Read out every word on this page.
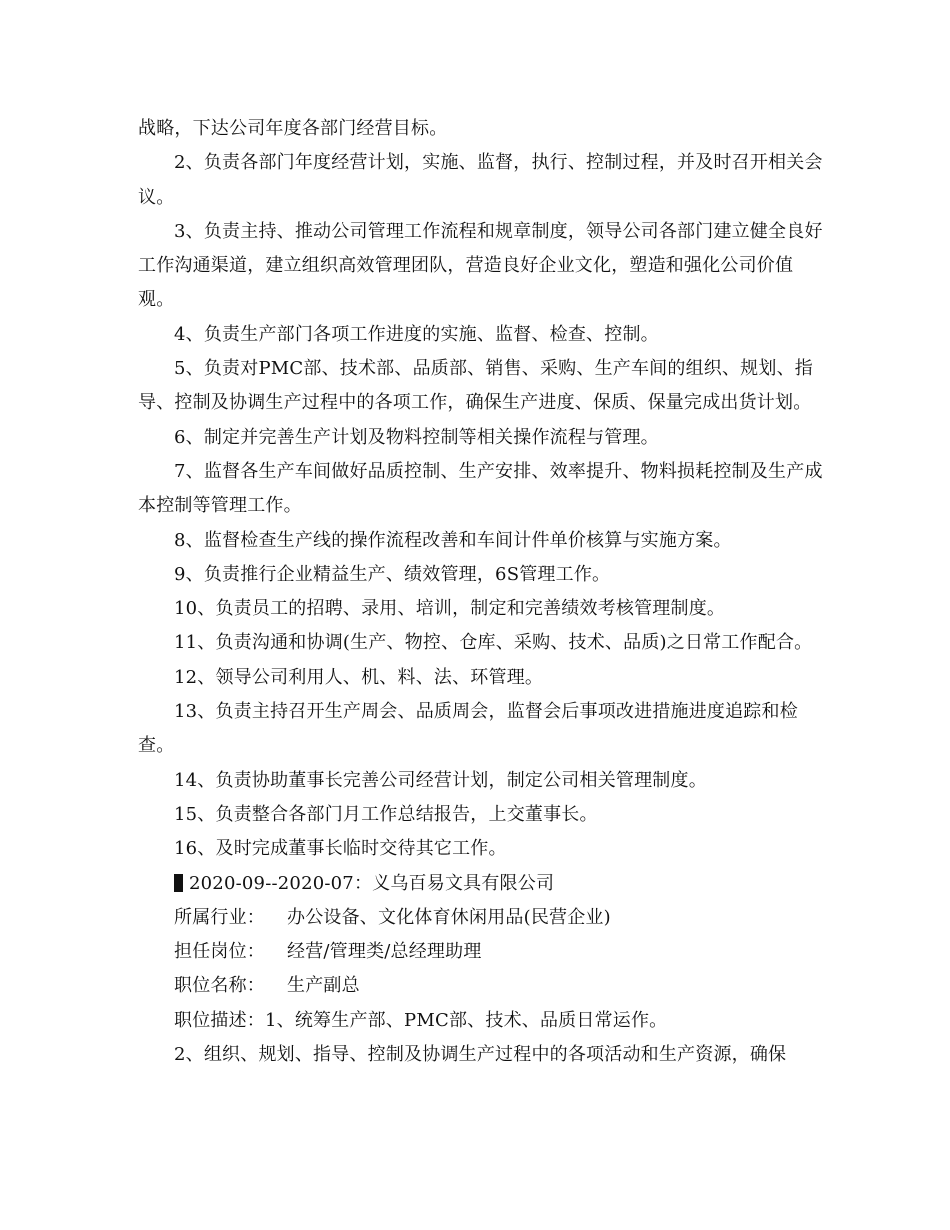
战略，下达公司年度各部门经营目标。

2、负责各部门年度经营计划，实施、监督，执行、控制过程，并及时召开相关会议。

3、负责主持、推动公司管理工作流程和规章制度，领导公司各部门建立健全良好工作沟通渠道，建立组织高效管理团队，营造良好企业文化，塑造和强化公司价值观。

4、负责生产部门各项工作进度的实施、监督、检查、控制。

5、负责对PMC部、技术部、品质部、销售、采购、生产车间的组织、规划、指导、控制及协调生产过程中的各项工作，确保生产进度、保质、保量完成出货计划。

6、制定并完善生产计划及物料控制等相关操作流程与管理。

7、监督各生产车间做好品质控制、生产安排、效率提升、物料损耗控制及生产成本控制等管理工作。

8、监督检查生产线的操作流程改善和车间计件单价核算与实施方案。

9、负责推行企业精益生产、绩效管理，6S管理工作。

10、负责员工的招聘、录用、培训，制定和完善绩效考核管理制度。

11、负责沟通和协调(生产、物控、仓库、采购、技术、品质)之日常工作配合。

12、领导公司利用人、机、料、法、环管理。

13、负责主持召开生产周会、品质周会，监督会后事项改进措施进度追踪和检查。

14、负责协助董事长完善公司经营计划，制定公司相关管理制度。

15、负责整合各部门月工作总结报告，上交董事长。

16、及时完成董事长临时交待其它工作。

2020-09--2020-07：义乌百易文具有限公司

所属行业： 办公设备、文化体育休闲用品(民营企业)

担任岗位： 经营/管理类/总经理助理

职位名称： 生产副总

职位描述：1、统筹生产部、PMC部、技术、品质日常运作。

2、组织、规划、指导、控制及协调生产过程中的各项活动和生产资源，确保
